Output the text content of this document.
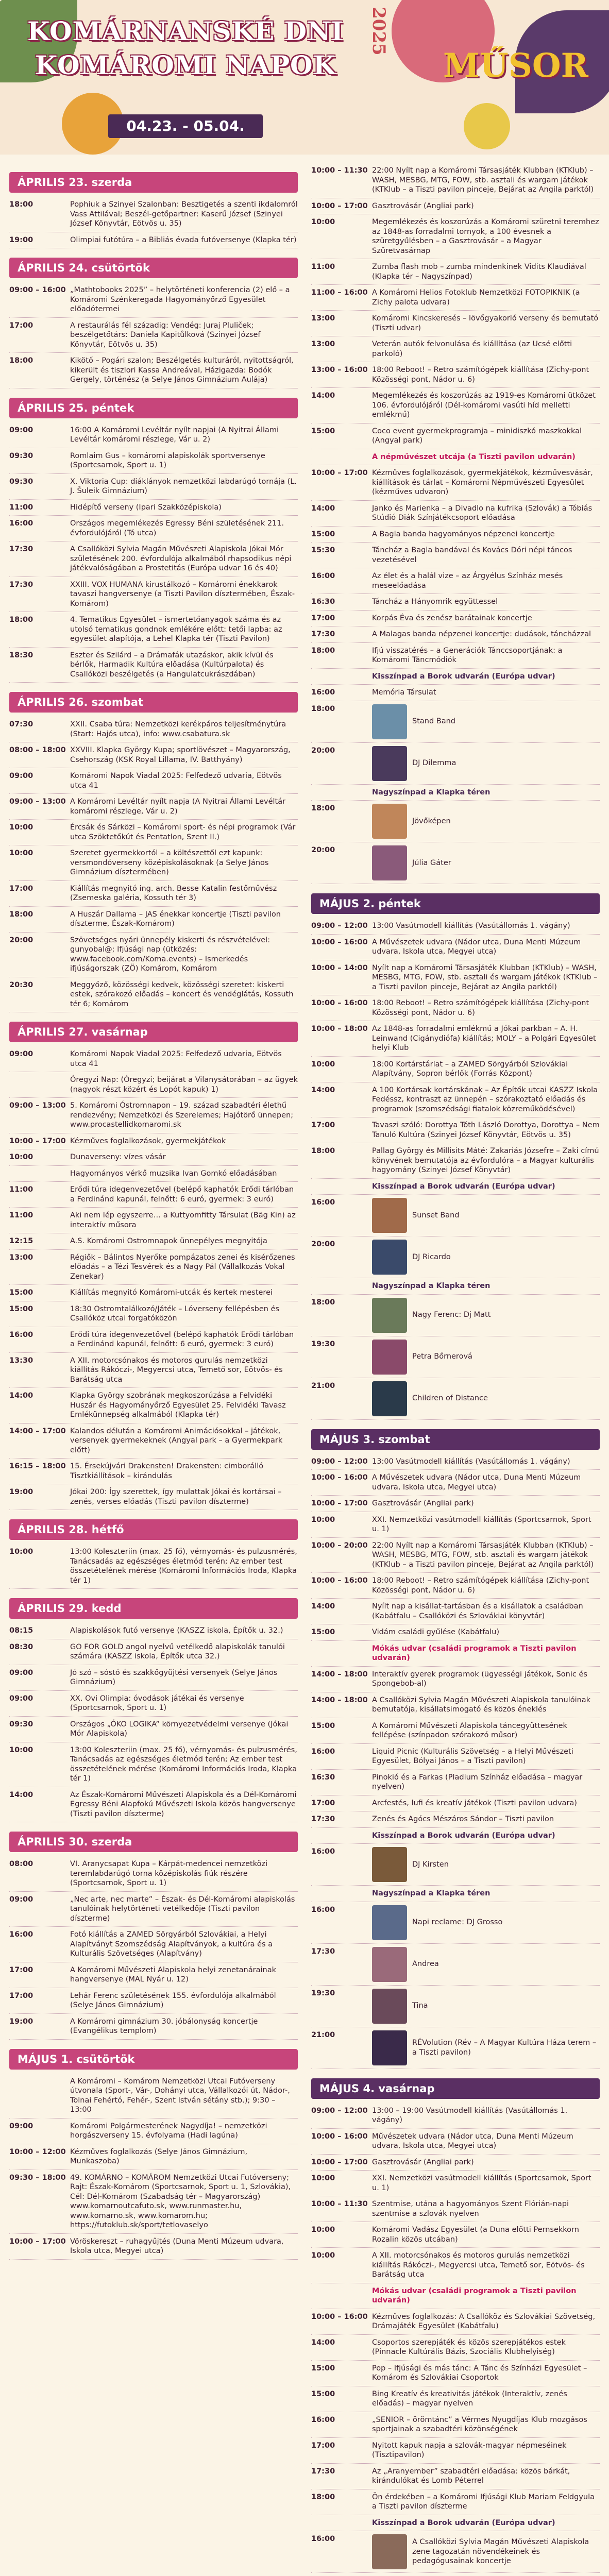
KOMÁRNANSKÉ DNI
KOMÁROMI NAPOK
2025
04.23. - 05.04.
MŰSOR
ÁPRILIS 23. szerda
18:00	Pophiuk a Szinyei Szalonban: Besztigetés a szenti ikdalomról Vass Attilával; Beszél-getőpartner: Kaserű József (Szinyei József Könyvtár, Eötvös u. 35)
19:00	Olimpiai futótúra – a Bibliás évada futóversenye (Klapka tér)
ÁPRILIS 24. csütörtök
09:00 – 16:00 „Mathtobooks 2025” – helytörténeti konferencia (2) elő – a Komáromi Szénkeregada Hagyományőrző Egyesület előadótermei
17:00	A restaurálás fél századig: Vendég: Juraj Pluliček; beszélgetőtárs: Daniela Kapitůlková (Szinyei József Könyvtár, Eötvös u. 35)
18:00	Kikötő – Pogári szalon; Beszélgetés kulturáról, nyitottságról, kikerült és tiszlori Kassa Andreával, Házigazda: Bodók Gergely, történész (a Selye János Gimnázium Aulája)
ÁPRILIS 25. péntek
09:00	16:00 A Komáromi Levéltár nyílt napjai (A Nyitrai Állami Levéltár komáromi részlege, Vár u. 2)
09:30	Romlaim Gus – komáromi alapiskolák sportversenye (Sportcsarnok, Sport u. 1)
09:30	X. Viktoria Cup: diáklányok nemzetközi labdarúgó tornája (L. J. Šuleik Gimnázium)
11:00	Hidépítő verseny (Ipari Szakközépiskola)
16:00	Országos megemlékezés Egressy Béni születésének 211. évfordulójáról (Tó utca)
17:30	A Csallóközi Sylvia Magán Művészeti Alapiskola Jókai Mór születésének 200. évfordulója alkalmából rhapsodikus népi játékvalóságában a Prostetitás (Európa udvar 16 és 40)
17:30	XXIII. VOX HUMANA kirustálkozó – Komáromi énekkarok tavaszi hangversenye (a Tiszti Pavilon dísztermében, Észak-Komárom)
18:00	4. Tematikus Egyesület – ismertetőanyagok száma és az utolsó tematikus gondnok emlékére előtt: tetői lapba: az egyesület alapítója, a Lehel Klapka tér (Tiszti Pavilon)
18:30	Eszter és Szilárd – a Drámafák utazáskor, akik kívül és bérlők, Harmadik Kultúra előadása (Kultúrpalota) és Csallóközi beszélgetés (a Hangulatcukrászdában)
ÁPRILIS 26. szombat
07:30	XXII. Csaba túra: Nemzetközi kerékpáros teljesítménytúra (Start: Hajós utca), info: www.csabatura.sk
08:00 – 18:00 XXVIII. Klapka György Kupa; sportlövészet – Magyarország, Csehország (KSK Royal Lillama, IV. Batthyány)
09:00	Komáromi Napok Viadal 2025: Felfedező udvaria, Eötvös utca 41
09:00 – 13:00 A Komáromi Levéltár nyílt napja (A Nyitrai Állami Levéltár komáromi részlege, Vár u. 2)
10:00	Ércsák és Sárközi – Komáromi sport- és népi programok (Vár utca Szöktetőkút és Pentatlon, Szent II.)
10:00	Szeretet gyermekkortól – a költészettől ezt kapunk: versmondóverseny középiskolásoknak (a Selye János Gimnázium dísztermében)
17:00	Kiállítás megnyitó ing. arch. Besse Katalin festőművész (Zsemeska galéria, Kossuth tér 3)
18:00	A Huszár Dallama – JAS énekkar koncertje (Tiszti pavilon díszterme, Észak-Komárom)
20:00	Szövetséges nyári ünnepély kiskerti és részvételével: gunyobal@; Ifjúsági nap (ütközés: www.facebook.com/Koma.events) – Ismerkedés ifjúságorszak (ZÖ) Komárom, Komárom
20:30	Meggyőző, közösségi kedvek, közösségi szeretet: kiskerti estek, szórakozó előadás – koncert és vendéglátás, Kossuth tér 6; Komárom
ÁPRILIS 27. vasárnap
09:00	Komáromi Napok Viadal 2025: Felfedező udvaria, Eötvös utca 41
Óregyzi Nap: (Óregyzi; beijárat a Vilanysátorában – az ügyek (nagyok részt közért és Lopót kapuk) 1)
09:00 – 13:00 5. Komáromi Óstromnapon – 19. század szabadtéri élethű rendezvény; Nemzetközi és Szerelemes; Hajótörő ünnepen; www.procastellidkomaromi.sk
10:00 – 17:00 Kézműves foglalkozások, gyermekjátékok
10:00	Dunaverseny: vízes vásár
Hagyományos vérkő muzsika Ivan Gomkó előadásában
11:00	Erődi túra idegenvezetővel (belépő kaphatók Erődi tárlóban a Ferdinánd kapunál, felnőtt: 6 euró, gyermek: 3 euró)
11:00	Aki nem lép egyszerre… a Kuttyomfitty Társulat (Bäg Kin) az interaktív műsora
12:15	A.S. Komáromi Ostromnapok ünnepélyes megnyitója
13:00	Régiők – Bálintos Nyerőke pompázatos zenei és kisérőzenes előadás – a Tézi Tesvérek és a Nagy Pál (Vállalkozás Vokal Zenekar)
15:00	Kiállítás megnyitó Komáromi-utcák és kertek mesterei
15:00	18:30 Ostromtalálkozó/Játék – Lóverseny fellépésben és Csallóköz utcai forgatóközön
16:00	Erődi túra idegenvezetővel (belépő kaphatók Erődi tárlóban a Ferdinánd kapunál, felnőtt: 6 euró, gyermek: 3 euró)
13:30	A XII. motorcsónakos és motoros gurulás nemzetközi kiállítás Rákóczi-, Megyercsi utca, Temető sor, Eötvös- és Barátság utca
14:00	Klapka György szobrának megkoszorúzása a Felvidéki Huszár és Hagyományőrző Egyesület 25. Felvidéki Tavasz Emlékünnepség alkalmából (Klapka tér)
14:00 – 17:00 Kalandos délután a Komáromi Animációsokkal – játékok, versenyek gyermekeknek (Angyal park – a Gyermekpark előtt)
16:15 – 18:00 15. Érsekújvári Drakensten! Drakensten: cimborálló Tisztkiállítások – kirándulás
19:00	Jókai 200: Így szerettek, így mulattak Jókai és kortársai – zenés, verses előadás (Tiszti pavilon díszterme)
ÁPRILIS 28. hétfő
10:00	13:00 Koleszteriin (max. 25 fő), vérnyomás- és pulzusmérés, Tanácsadás az egészséges életmód terén; Az ember test összetételének mérése (Komáromi Információs Iroda, Klapka tér 1)
ÁPRILIS 29. kedd
08:15	Alapiskolások futó versenye (KASZZ iskola, Építők u. 32.)
08:30	GO FOR GOLD angol nyelvű vetélkedő alapiskolák tanulói számára (KASZZ iskola, Építők utca 32.)
09:00	Jó szó – sóstó és szakkőgyüjtési versenyek (Selye János Gimnázium)
09:00	XX. Ovi Olimpia: óvodások játékai és versenye (Sportcsarnok, Sport u. 1)
09:30	Országos „ÓKO LOGIKA” környezetvédelmi versenye (Jókai Mór Alapiskola)
10:00	13:00 Koleszteriin (max. 25 fő), vérnyomás- és pulzusmérés, Tanácsadás az egészséges életmód terén; Az ember test összetételének mérése (Komáromi Információs Iroda, Klapka tér 1)
14:00	Az Észak-Komáromi Művészeti Alapiskola és a Dél-Komáromi Egressy Béni Alapfokú Művészeti Iskola közös hangversenye (Tiszti pavilon díszterme)
ÁPRILIS 30. szerda
08:00	VI. Aranycsapat Kupa – Kárpát-medencei nemzetközi teremlabdarúgó torna középiskolás fiúk részére (Sportcsarnok, Sport u. 1)
09:00	„Nec arte, nec marte” – Észak- és Dél-Komáromi alapiskolás tanulóinak helytörténeti vetélkedője (Tiszti pavilon díszterme)
16:00	Fotó kiállítás a ZAMED Sörgyárból Szlovákiai, a Helyi Alapítványt Szomszédság Alapítványok, a kultúra és a Kulturális Szövetséges (Alapítvány)
17:00	A Komáromi Művészeti Alapiskola helyi zenetanárainak hangversenye (MAL Nyár u. 12)
17:00	Lehár Ferenc születésének 155. évfordulója alkalmából (Selye János Gimnázium)
19:00	A Komáromi gimnázium 30. jóbálonyság koncertje (Evangélikus templom)
MÁJUS 1. csütörtök
A Komáromi – Komárom Nemzetközi Utcai Futóverseny útvonala (Sport-, Vár-, Dohányi utca, Vállalkozói út, Nádor-, Tolnai Fehértó, Fehér-, Szent István sétány stb.); 9:30 – 13:00
09:00	Komáromi Polgármesterének Nagydíja! – nemzetközi horgászverseny 15. évfolyama (Hadi lagúna)
10:00 – 12:00 Kézműves foglalkozás (Selye János Gimnázium, Munkaszoba)
09:30 – 18:00 49. KOMÁRNO – KOMÁROM Nemzetközi Utcai Futóverseny; Rajt: Észak-Komárom (Sportcsarnok, Sport u. 1, Szlovákia), Cél: Dél-Komárom (Szabadság tér – Magyarország) www.komarnoutcafuto.sk, www.runmaster.hu, www.komarno.sk, www.komarom.hu; https://futoklub.sk/sport/tetlovaselyo
10:00 – 17:00 Vöröskereszt – ruhagyűjtés (Duna Menti Múzeum udvara, Iskola utca, Megyei utca)
10:00 – 11:30 22:00 Nyílt nap a Komáromi Társasjáték Klubban (KTKlub) – WASH, MESBG, MTG, FOW, stb. asztali és wargam játékok (KTKlub – a Tiszti pavilon pinceje, Bejárat az Angila parktól)
10:00 – 17:00 Gasztrovásár (Angliai park)
10:00	Megemlékezés és koszorúzás a Komáromi szüretni teremhez az 1848-as forradalmi tornyok, a 100 évesnek a szüretgyűlésben – a Gasztrovásár – a Magyar Szüretvasárnap
11:00	Zumba flash mob – zumba mindenkinek Vidits Klaudiával (Klapka tér – Nagyszínpad)
11:00 – 16:00 A Komáromi Helios Fotoklub Nemzetközi FOTOPIKNIK (a Zichy palota udvara)
13:00	Komáromi Kincskeresés – lövőgyakorló verseny és bemutató (Tiszti udvar)
13:00	Veterán autók felvonulása és kiállítása (az Ucsé előtti parkoló)
13:00 – 16:00 18:00 Reboot! – Retro számítógépek kiállítása (Zichy-pont Közösségi pont, Nádor u. 6)
14:00	Megemlékezés és koszorúzás az 1919-es Komáromi ütközet 106. évfordulójáról (Dél-komáromi vasúti híd melletti emlékmű)
15:00	Coco event gyermekprogramja – minidiszkó maszkokkal (Angyal park)
A népművészet utcája (a Tiszti pavilon udvarán)
10:00 – 17:00 Kézműves foglalkozások, gyermekjátékok, kézművesvásár, kiállítások és tárlat – Komáromi Népművészeti Egyesület (kézműves udvaron)
14:00	Janko és Marienka – a Divadlo na kufrika (Szlovák) a Tóbiás Stúdió Diák Színjátékcsoport előadása
15:00	A Bagla banda hagyományos népzenei koncertje
15:30	Táncház a Bagla bandával és Kovács Dóri népi táncos vezetésével
16:00	Az élet és a halál vize – az Árgyélus Színház mesés meseelőadása
16:30	Táncház a Hányomrik együttessel
17:00	Korpás Éva és zenész barátainak koncertje
17:30	A Malagas banda népzenei koncertje: dudások, táncházzal
18:00	Ifjú visszatérés – a Generációk Tánccsoportjának: a Komáromi Táncmódiók
Kisszínpad a Borok udvarán (Európa udvar)
16:00	Memória Társulat
18:00
Stand Band
20:00
DJ Dilemma
Nagyszínpad a Klapka téren
18:00
Jövőképen
20:00
Júlia Gáter
MÁJUS 2. péntek
09:00 – 12:00 13:00 Vasútmodell kiállítás (Vasútállomás 1. vágány)
10:00 – 16:00 A Művészetek udvara (Nádor utca, Duna Menti Múzeum udvara, Iskola utca, Megyei utca)
10:00 – 14:00 Nyílt nap a Komáromi Társasjáték Klubban (KTKlub) – WASH, MESBG, MTG, FOW, stb. asztali és wargam játékok (KTKlub – a Tiszti pavilon pinceje, Bejárat az Angila parktól)
10:00 – 16:00 18:00 Reboot! – Retro számítógépek kiállítása (Zichy-pont Közösségi pont, Nádor u. 6)
10:00 – 18:00 Az 1848-as forradalmi emlékmű a Jókai parkban – A. H. Leinwand (Cigánydiófa) kiállítás; MOLY – a Polgári Egyesület helyi Klub
10:00	18:00 Kortárstárlat – a ZAMED Sörgyárból Szlovákiai Alapítvány, Sopron bérlők (Forrás Központ)
14:00	A 100 Kortársak kortárskának – Az Építők utcai KASZZ Iskola Fedéssz, kontraszt az ünnepén – szórakoztató előadás és programok (szomszédsági fiatalok közreműködésével)
17:00	Tavaszi szóló: Dorottya Tóth László Dorottya, Dorottya – Nem Tanuló Kultúra (Szinyei József Könyvtár, Eötvös u. 35)
18:00	Pallag György és Millisits Máté: Zakariás Józsefre – Zaki címú könyvének bemutatója az évfordulóra – a Magyar kulturális hagyomány (Szinyei József Könyvtár)
Kisszínpad a Borok udvarán (Európa udvar)
16:00
Sunset Band
20:00
DJ Ricardo
Nagyszínpad a Klapka téren
18:00
Nagy Ferenc: Dj Matt
19:30
Petra Bőrnerová
21:00
Children of Distance
MÁJUS 3. szombat
09:00 – 12:00 13:00 Vasútmodell kiállítás (Vasútállomás 1. vágány)
10:00 – 16:00 A Művészetek udvara (Nádor utca, Duna Menti Múzeum udvara, Iskola utca, Megyei utca)
10:00 – 17:00 Gasztrovásár (Angliai park)
10:00	XXI. Nemzetközi vasútmodell kiállítás (Sportcsarnok, Sport u. 1)
10:00 – 20:00 22:00 Nyílt nap a Komáromi Társasjáték Klubban (KTKlub) – WASH, MESBG, MTG, FOW, stb. asztali és wargam játékok (KTKlub – a Tiszti pavilon pinceje, Bejárat az Angila parktól)
10:00 – 16:00 18:00 Reboot! – Retro számítógépek kiállítása (Zichy-pont Közösségi pont, Nádor u. 6)
14:00	Nyílt nap a kisállat-tartásban és a kisállatok a családban (Kabátfalu – Csallóközi és Szlovákiai könyvtár)
15:00	Vidám családi gyűlése (Kabátfalu)
Mókás udvar (családi programok a Tiszti pavilon udvarán)
14:00 – 18:00 Interaktív gyerek programok (ügyességi játékok, Sonic és Spongebob-al)
14:00 – 18:00 A Csallóközi Sylvia Magán Művészeti Alapiskola tanulóinak bemutatója, kisállatsimogató és közös éneklés
15:00	A Komáromi Művészeti Alapiskola táncegyüttesének fellépése (színpadon szórakozó műsor)
16:00	Liquid Picnic (Kulturális Szövetség – a Helyi Művészeti Egyesület, Bólyai János – a Tiszti pavilon)
16:30	Pinokió és a Farkas (Pladium Színház előadása – magyar nyelven)
17:00	Arcfestés, lufi és kreatív játékok (Tiszti pavilon udvara)
17:30	Zenés és Agócs Mészáros Sándor – Tiszti pavilon
Kisszínpad a Borok udvarán (Európa udvar)
16:00
DJ Kirsten
Nagyszínpad a Klapka téren
16:00
Napi reclame: DJ Grosso
17:30
Andrea
19:30
Tina
21:00
RÉVolution (Rév – A Magyar Kultúra Háza terem – a Tiszti pavilon)
MÁJUS 4. vasárnap
09:00 – 12:00 13:00 – 19:00 Vasútmodell kiállítás (Vasútállomás 1. vágány)
10:00 – 16:00 Művészetek udvara (Nádor utca, Duna Menti Múzeum udvara, Iskola utca, Megyei utca)
10:00 – 17:00 Gasztrovásár (Angliai park)
10:00	XXI. Nemzetközi vasútmodell kiállítás (Sportcsarnok, Sport u. 1)
10:00 – 11:30 Szentmise, utána a hagyományos Szent Flórián-napi szentmise a szlovák nyelven
10:00	Komáromi Vadász Egyesület (a Duna előtti Pernsekkorn Rozalin közös utcában)
10:00	A XII. motorcsónakos és motoros gurulás nemzetközi kiállítás Rákóczi-, Megyercsi utca, Temető sor, Eötvös- és Barátság utca
Mókás udvar (családi programok a Tiszti pavilon udvarán)
10:00 – 16:00 Kézműves foglalkozás: A Csallóköz és Szlovákiai Szövetség, Drámajáték Egyesület (Kabátfalu)
14:00	Csoportos szerepjáték és közös szerepjátékos estek (Pinnacle Kultúrális Bázis, Szociális Klubhelyiség)
15:00	Pop – Ifjúsági és más tánc: A Tánc és Színházi Egyesület – Komárom és Szlovákiai Csoportok
15:00	Bing Kreatív és kreativitás játékok (Interaktív, zenés előadás) – magyar nyelven
16:00	„SENIOR – örömtánc” a Vérmes Nyugdíjas Klub mozgásos sportjainak a szabadtéri közönségének
17:00	Nyitott kapuk napja a szlovák-magyar népmeséinek (Tisztipavilon)
17:30	Az „Aranyember” szabadtéri előadása: közös bárkát, kirándulókat és Lomb Péterrel
18:00	Ön érdekében – a Komáromi Ifjúsági Klub Mariam Feldgyula a Tiszti pavilon díszterme
Kisszínpad a Borok udvarán (Európa udvar)
16:00	A Csallóközi Sylvia Magán Művészeti Alapiskola zene tagozatán növendékeinek és pedagógusainak koncertje
